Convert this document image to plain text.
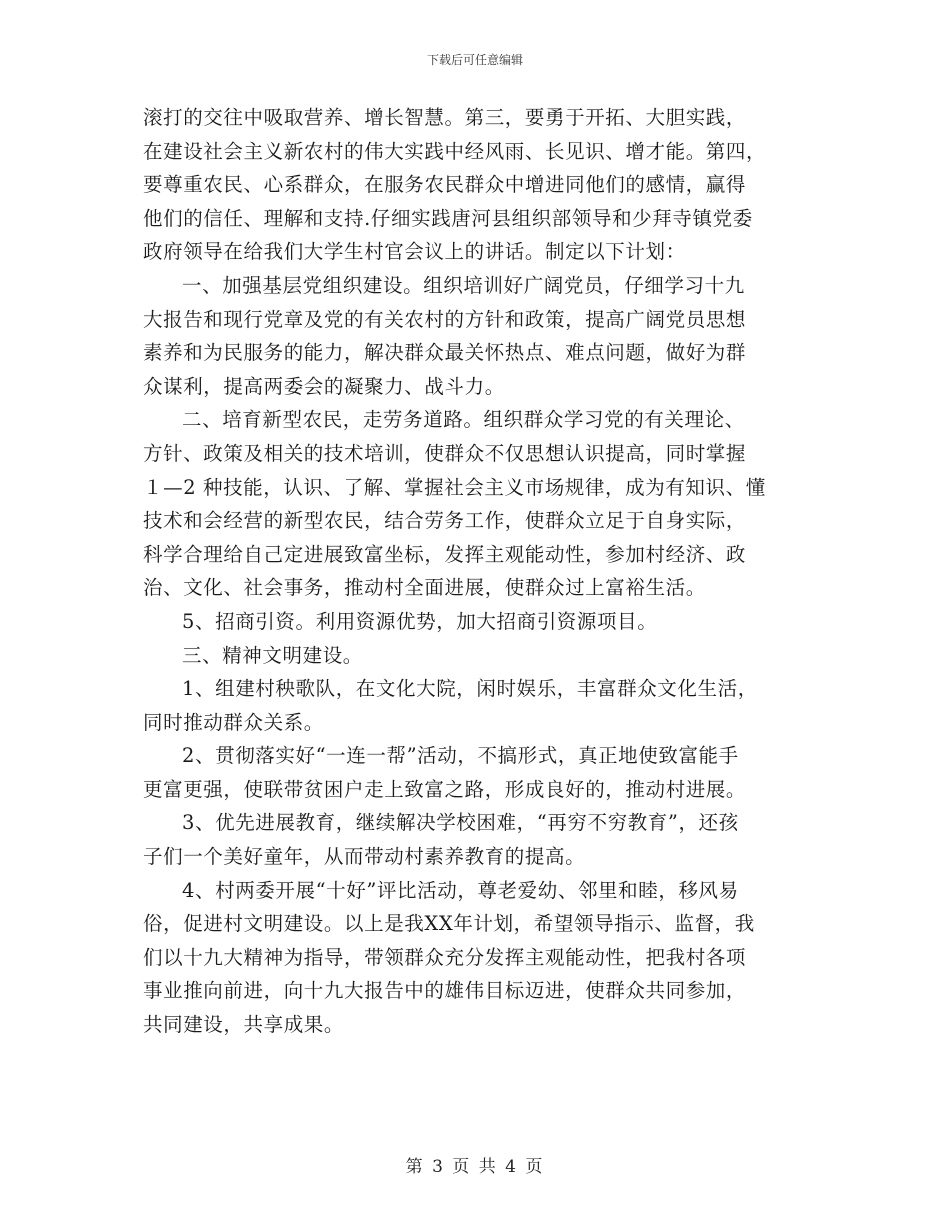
下载后可任意编辑
滚打的交往中吸取营养、增长智慧。第三，要勇于开拓、大胆实践，
在建设社会主义新农村的伟大实践中经风雨、长见识、增才能。第四，
要尊重农民、心系群众，在服务农民群众中增进同他们的感情，赢得
他们的信任、理解和支持.仔细实践唐河县组织部领导和少拜寺镇党委
政府领导在给我们大学生村官会议上的讲话。制定以下计划：
一、加强基层党组织建设。组织培训好广阔党员，仔细学习十九
大报告和现行党章及党的有关农村的方针和政策，提高广阔党员思想
素养和为民服务的能力，解决群众最关怀热点、难点问题，做好为群
众谋利，提高两委会的凝聚力、战斗力。
二、培育新型农民，走劳务道路。组织群众学习党的有关理论、
方针、政策及相关的技术培训，使群众不仅思想认识提高，同时掌握
１—2 种技能，认识、了解、掌握社会主义市场规律，成为有知识、懂
技术和会经营的新型农民，结合劳务工作，使群众立足于自身实际，
科学合理给自己定进展致富坐标，发挥主观能动性，参加村经济、政
治、文化、社会事务，推动村全面进展，使群众过上富裕生活。
5、招商引资。利用资源优势，加大招商引资源项目。
三、精神文明建设。
1、组建村秧歌队，在文化大院，闲时娱乐，丰富群众文化生活，
同时推动群众关系。
2、贯彻落实好“一连一帮”活动，不搞形式，真正地使致富能手
更富更强，使联带贫困户走上致富之路，形成良好的，推动村进展。
3、优先进展教育，继续解决学校困难，“再穷不穷教育”，还孩
子们一个美好童年，从而带动村素养教育的提高。
4、村两委开展“十好”评比活动，尊老爱幼、邻里和睦，移风易
俗，促进村文明建设。以上是我XX年计划，希望领导指示、监督，我
们以十九大精神为指导，带领群众充分发挥主观能动性，把我村各项
事业推向前进，向十九大报告中的雄伟目标迈进，使群众共同参加，
共同建设，共享成果。
第 3 页 共 4 页
